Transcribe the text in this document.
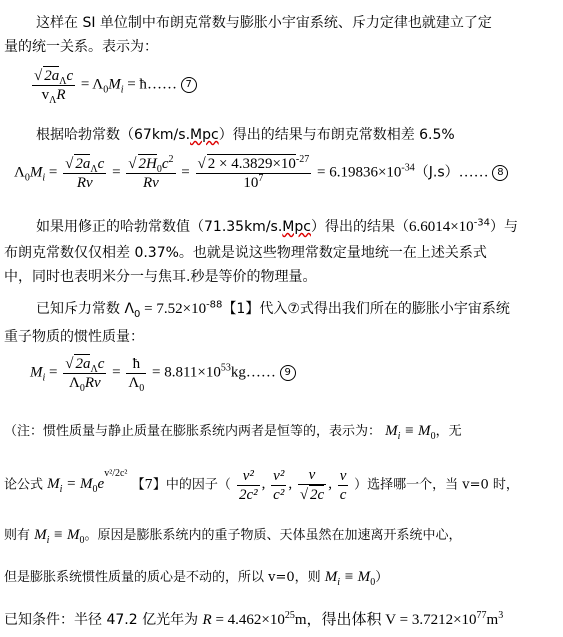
这样在 SI 单位制中布朗克常数与膨胀小宇宙系统、斥力定律也就建立了定
量的统一关系。表示为：
$\frac{√ 2a_\Lambda c}{v_\Lambda R} = \Lambda_0M_i$ = ħ…… 7
根据哈勃常数（67km/s.Mpc）得出的结果与布朗克常数相差 6.5%
$\Lambda_0M_i = \frac{√ 2a_\Lambda c}{Rv} = \frac{√ 2H_0c^2}{Rv} = \frac{√ 2 \times 4.3829\times 10^{-27}}{10^7}$ = $6.19836\times 10^{-34}(J.s)\dots\dots$ 8
如果用修正的哈勃常数值（71.35km/s.Mpc）得出的结果$(6.6014\times 10^{-34})$与
布朗克常数仅仅相差 0.37%。也就是说这些物理常数定量地统一在上述关系式
中，同时也表明米分一与焦耳.秒是等价的物理量。
已知斥力常数 $\Lambda_0 = 7.52\times 10^{-88}$【1】代入⑦式得出我们所在的膨胀小宇宙系统
重子物质的惯性质量：
$M_i = \frac{√ 2a_\Lambda c}{\Lambda_0Rv} = \frac{ħ}{\Lambda_0}$ = $8.811\times 10^{53}kg\dots\dots$ 9
（注：惯性质量与静止质量在膨胀系统内两者是恒等的，表示为： $M_i \equiv M_0$，无
论公式 $M_i = M_0e^{v^2/2c^2}$ 【7】中的因子（ $\frac{\text{v²}}{\text{2c²}}$ , $\frac{\text{v²}}{\text{c²}}$ , $\frac{v}{√ 2c}$ , $\frac{v}{c}$ ）选择哪一个，当 v=0 时，
则有 $M_i \equiv M_0$。原因是膨胀系统内的重子物质、天体虽然在加速离开系统中心，
但是膨胀系统惯性质量的质心是不动的，所以 v=0，则 $M_i \equiv M_0$）
已知条件：半径 47.2 亿光年为 $R = 4.462\times 10^{25}m$，得出体积 $V = 3.7212\times 10^{77}m^3$
